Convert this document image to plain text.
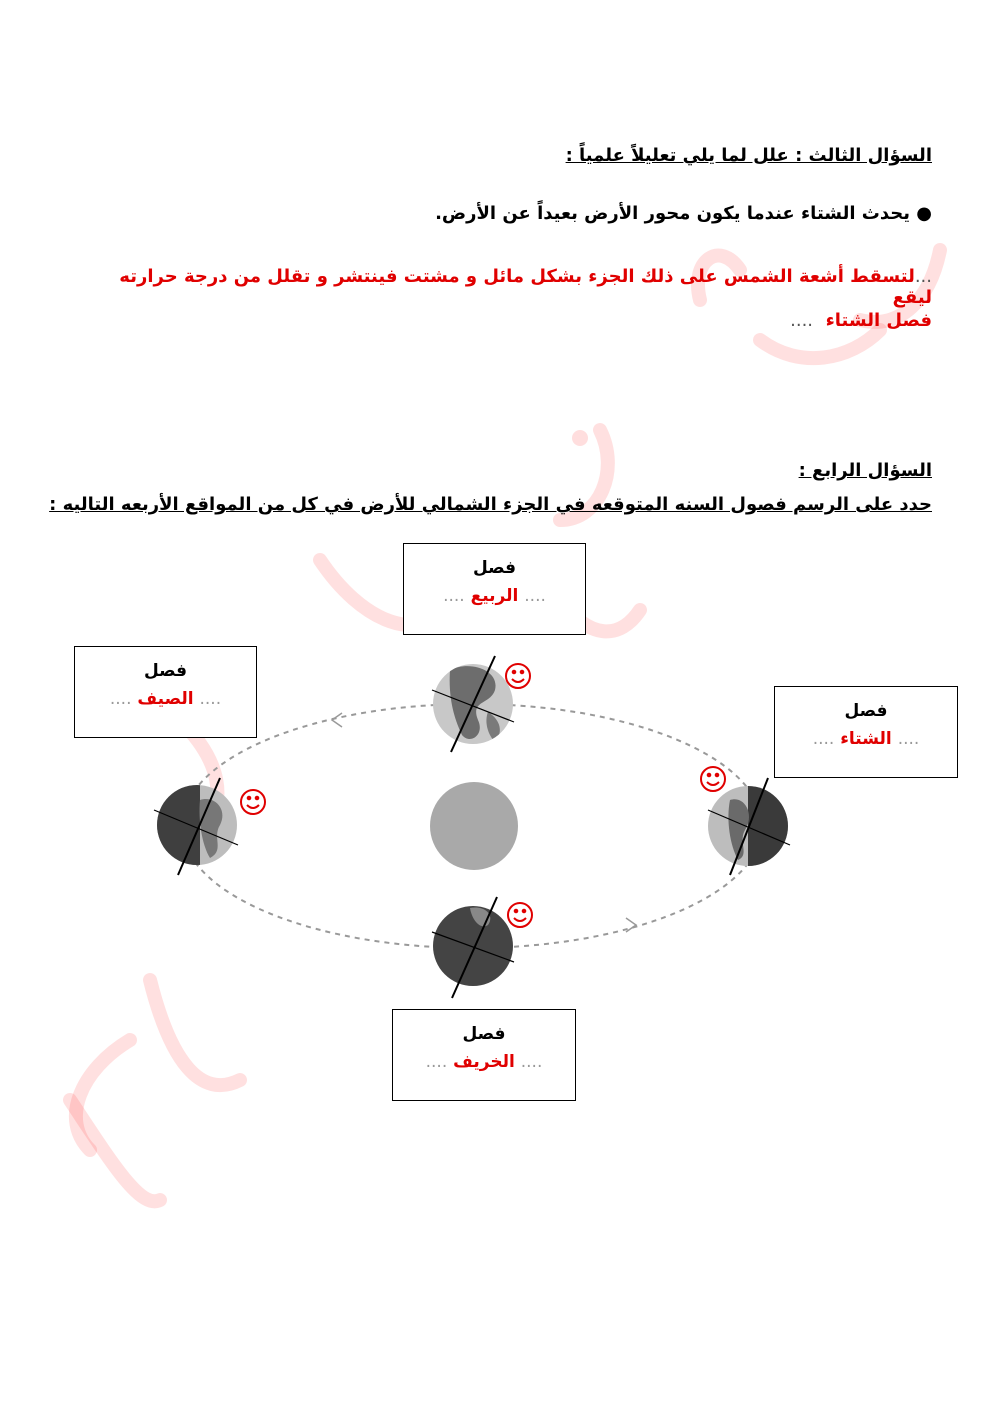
السؤال الثالث : علل لما يلي تعليلاً علمياً :
● يحدث الشتاء عندما يكون محور الأرض بعيداً عن الأرض.
...لتسقط أشعة الشمس على ذلك الجزء بشكل مائل و مشتت فينتشر و تقلل من درجة حرارته ليقع
فصل الشتاء  ....
السؤال الرابع :
حدد على الرسم فصول السنه المتوقعه في الجزء الشمالي للأرض في كل من المواقع الأربعه التاليه :
فصل
.... الربيع ....
فصل
.... الصيف ....
فصل
.... الشتاء ....
فصل
.... الخريف ....
